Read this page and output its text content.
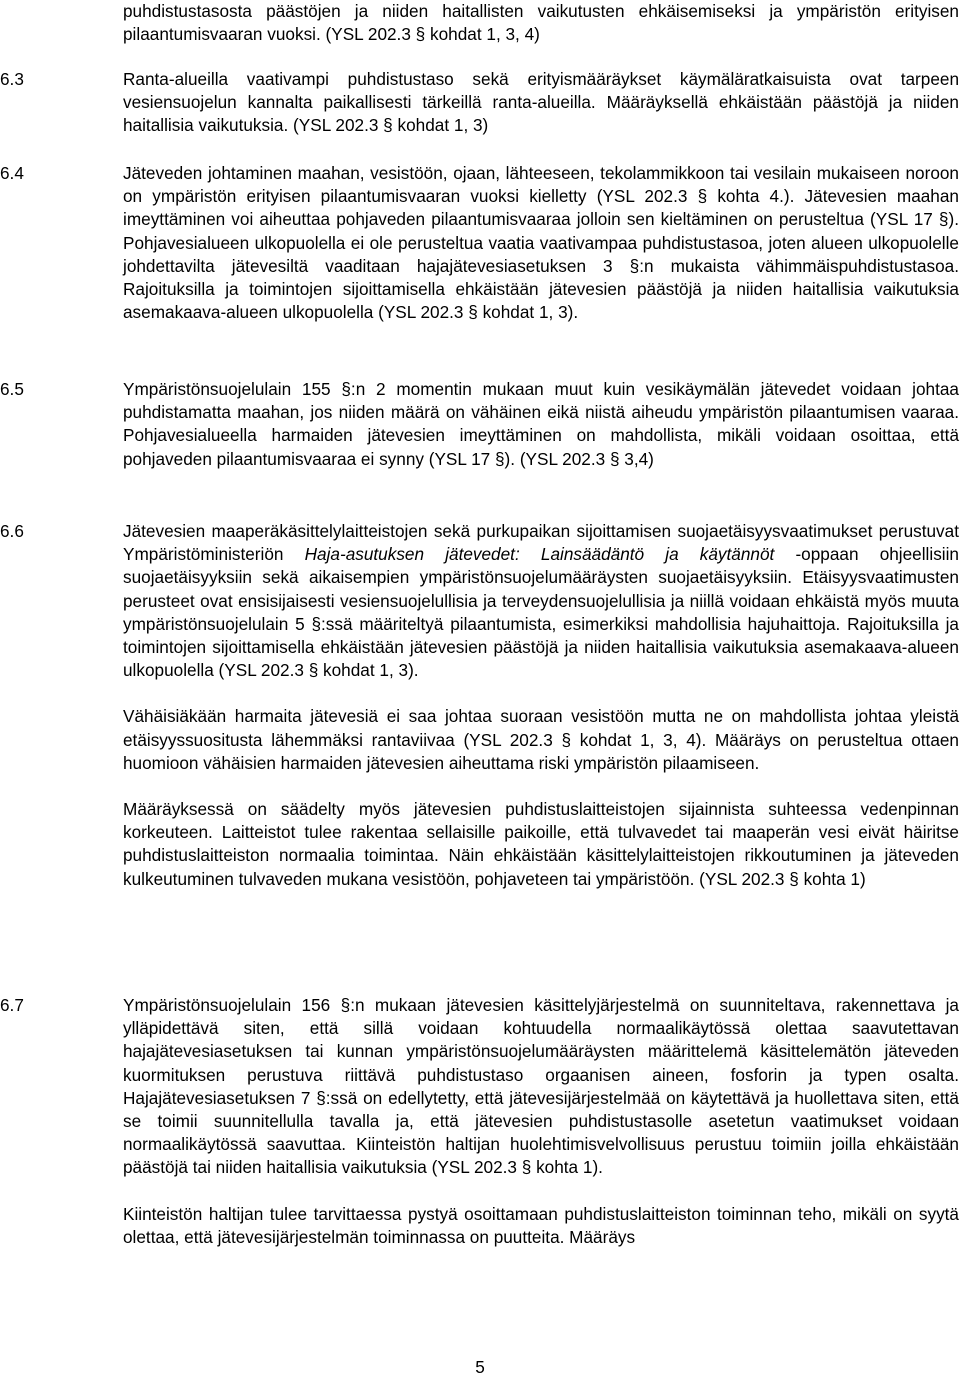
puhdistustasosta päästöjen ja niiden haitallisten vaikutusten ehkäisemiseksi ja ympäristön erityisen pilaantumisvaaran vuoksi. (YSL 202.3 § kohdat 1, 3, 4)

6.3	Ranta-alueilla vaativampi puhdistustaso sekä erityismääräykset käymäläratkaisuista ovat tarpeen vesiensuojelun kannalta paikallisesti tärkeillä ranta-alueilla. Määräyksellä ehkäistään päästöjä ja niiden haitallisia vaikutuksia. (YSL 202.3 § kohdat 1, 3)

6.4	Jäteveden johtaminen maahan, vesistöön, ojaan, lähteeseen, tekolammikkoon tai vesilain mukaiseen noroon on ympäristön erityisen pilaantumisvaaran vuoksi kielletty (YSL 202.3 § kohta 4.). Jätevesien maahan imeyttäminen voi aiheuttaa pohjaveden pilaantumisvaaraa jolloin sen kieltäminen on perusteltua (YSL 17 §). Pohjavesialueen ulkopuolella ei ole perusteltua vaatia vaativampaa puhdistustasoa, joten alueen ulkopuolelle johdettavilta jätevesiltä vaaditaan hajajätevesiasetuksen 3 §:n mukaista vähimmäispuhdistustasoa. Rajoituksilla ja toimintojen sijoittamisella ehkäistään jätevesien päästöjä ja niiden haitallisia vaikutuksia asemakaava-alueen ulkopuolella (YSL 202.3 § kohdat 1, 3).

6.5	Ympäristönsuojelulain 155 §:n 2 momentin mukaan muut kuin vesikäymälän jätevedet voidaan johtaa puhdistamatta maahan, jos niiden määrä on vähäinen eikä niistä aiheudu ympäristön pilaantumisen vaaraa. Pohjavesialueella harmaiden jätevesien imeyttäminen on mahdollista, mikäli voidaan osoittaa, että pohjaveden pilaantumisvaaraa ei synny (YSL 17 §). (YSL 202.3 § 3,4)

6.6	Jätevesien maaperäkäsittelylaitteistojen sekä purkupaikan sijoittamisen suojaetäisyysvaatimukset perustuvat Ympäristöministeriön Haja-asutuksen jätevedet: Lainsäädäntö ja käytännöt -oppaan ohjeellisiin suojaetäisyyksiin sekä aikaisempien ympäristönsuojelumääräysten suojaetäisyyksiin. Etäisyysvaatimusten perusteet ovat ensisijaisesti vesiensuojelullisia ja terveydensuojelullisia ja niillä voidaan ehkäistä myös muuta ympäristönsuojelulain 5 §:ssä määriteltyä pilaantumista, esimerkiksi mahdollisia hajuhaittoja. Rajoituksilla ja toimintojen sijoittamisella ehkäistään jätevesien päästöjä ja niiden haitallisia vaikutuksia asemakaava-alueen ulkopuolella (YSL 202.3 § kohdat 1, 3).

Vähäisiäkään harmaita jätevesiä ei saa johtaa suoraan vesistöön mutta ne on mahdollista johtaa yleistä etäisyyssuositusta lähemmäksi rantaviivaa (YSL 202.3 § kohdat 1, 3, 4). Määräys on perusteltua ottaen huomioon vähäisien harmaiden jätevesien aiheuttama riski ympäristön pilaamiseen.

Määräyksessä on säädelty myös jätevesien puhdistuslaitteistojen sijainnista suhteessa vedenpinnan korkeuteen. Laitteistot tulee rakentaa sellaisille paikoille, että tulvavedet tai maaperän vesi eivät häiritse puhdistuslaitteiston normaalia toimintaa. Näin ehkäistään käsittelylaitteistojen rikkoutuminen ja jäteveden kulkeutuminen tulvaveden mukana vesistöön, pohjaveteen tai ympäristöön. (YSL 202.3 § kohta 1)

6.7	Ympäristönsuojelulain 156 §:n mukaan jätevesien käsittelyjärjestelmä on suunniteltava, rakennettava ja ylläpidettävä siten, että sillä voidaan kohtuudella normaalikäytössä olettaa saavutettavan hajajätevesiasetuksen tai kunnan ympäristönsuojelumääräysten määrittelemä käsittelemätön jäteveden kuormituksen perustuva riittävä puhdistustaso orgaanisen aineen, fosforin ja typen osalta. Hajajätevesiasetuksen 7 §:ssä on edellytetty, että jätevesijärjestelmää on käytettävä ja huollettava siten, että se toimii suunnitellulla tavalla ja, että jätevesien puhdistustasolle asetetun vaatimukset voidaan normaalikäytössä saavuttaa. Kiinteistön haltijan huolehtimisvelvollisuus perustuu toimiin joilla ehkäistään päästöjä tai niiden haitallisia vaikutuksia (YSL 202.3 § kohta 1).

Kiinteistön haltijan tulee tarvittaessa pystyä osoittamaan puhdistuslaitteiston toiminnan teho, mikäli on syytä olettaa, että jätevesijärjestelmän toiminnassa on puutteita. Määräys

5
